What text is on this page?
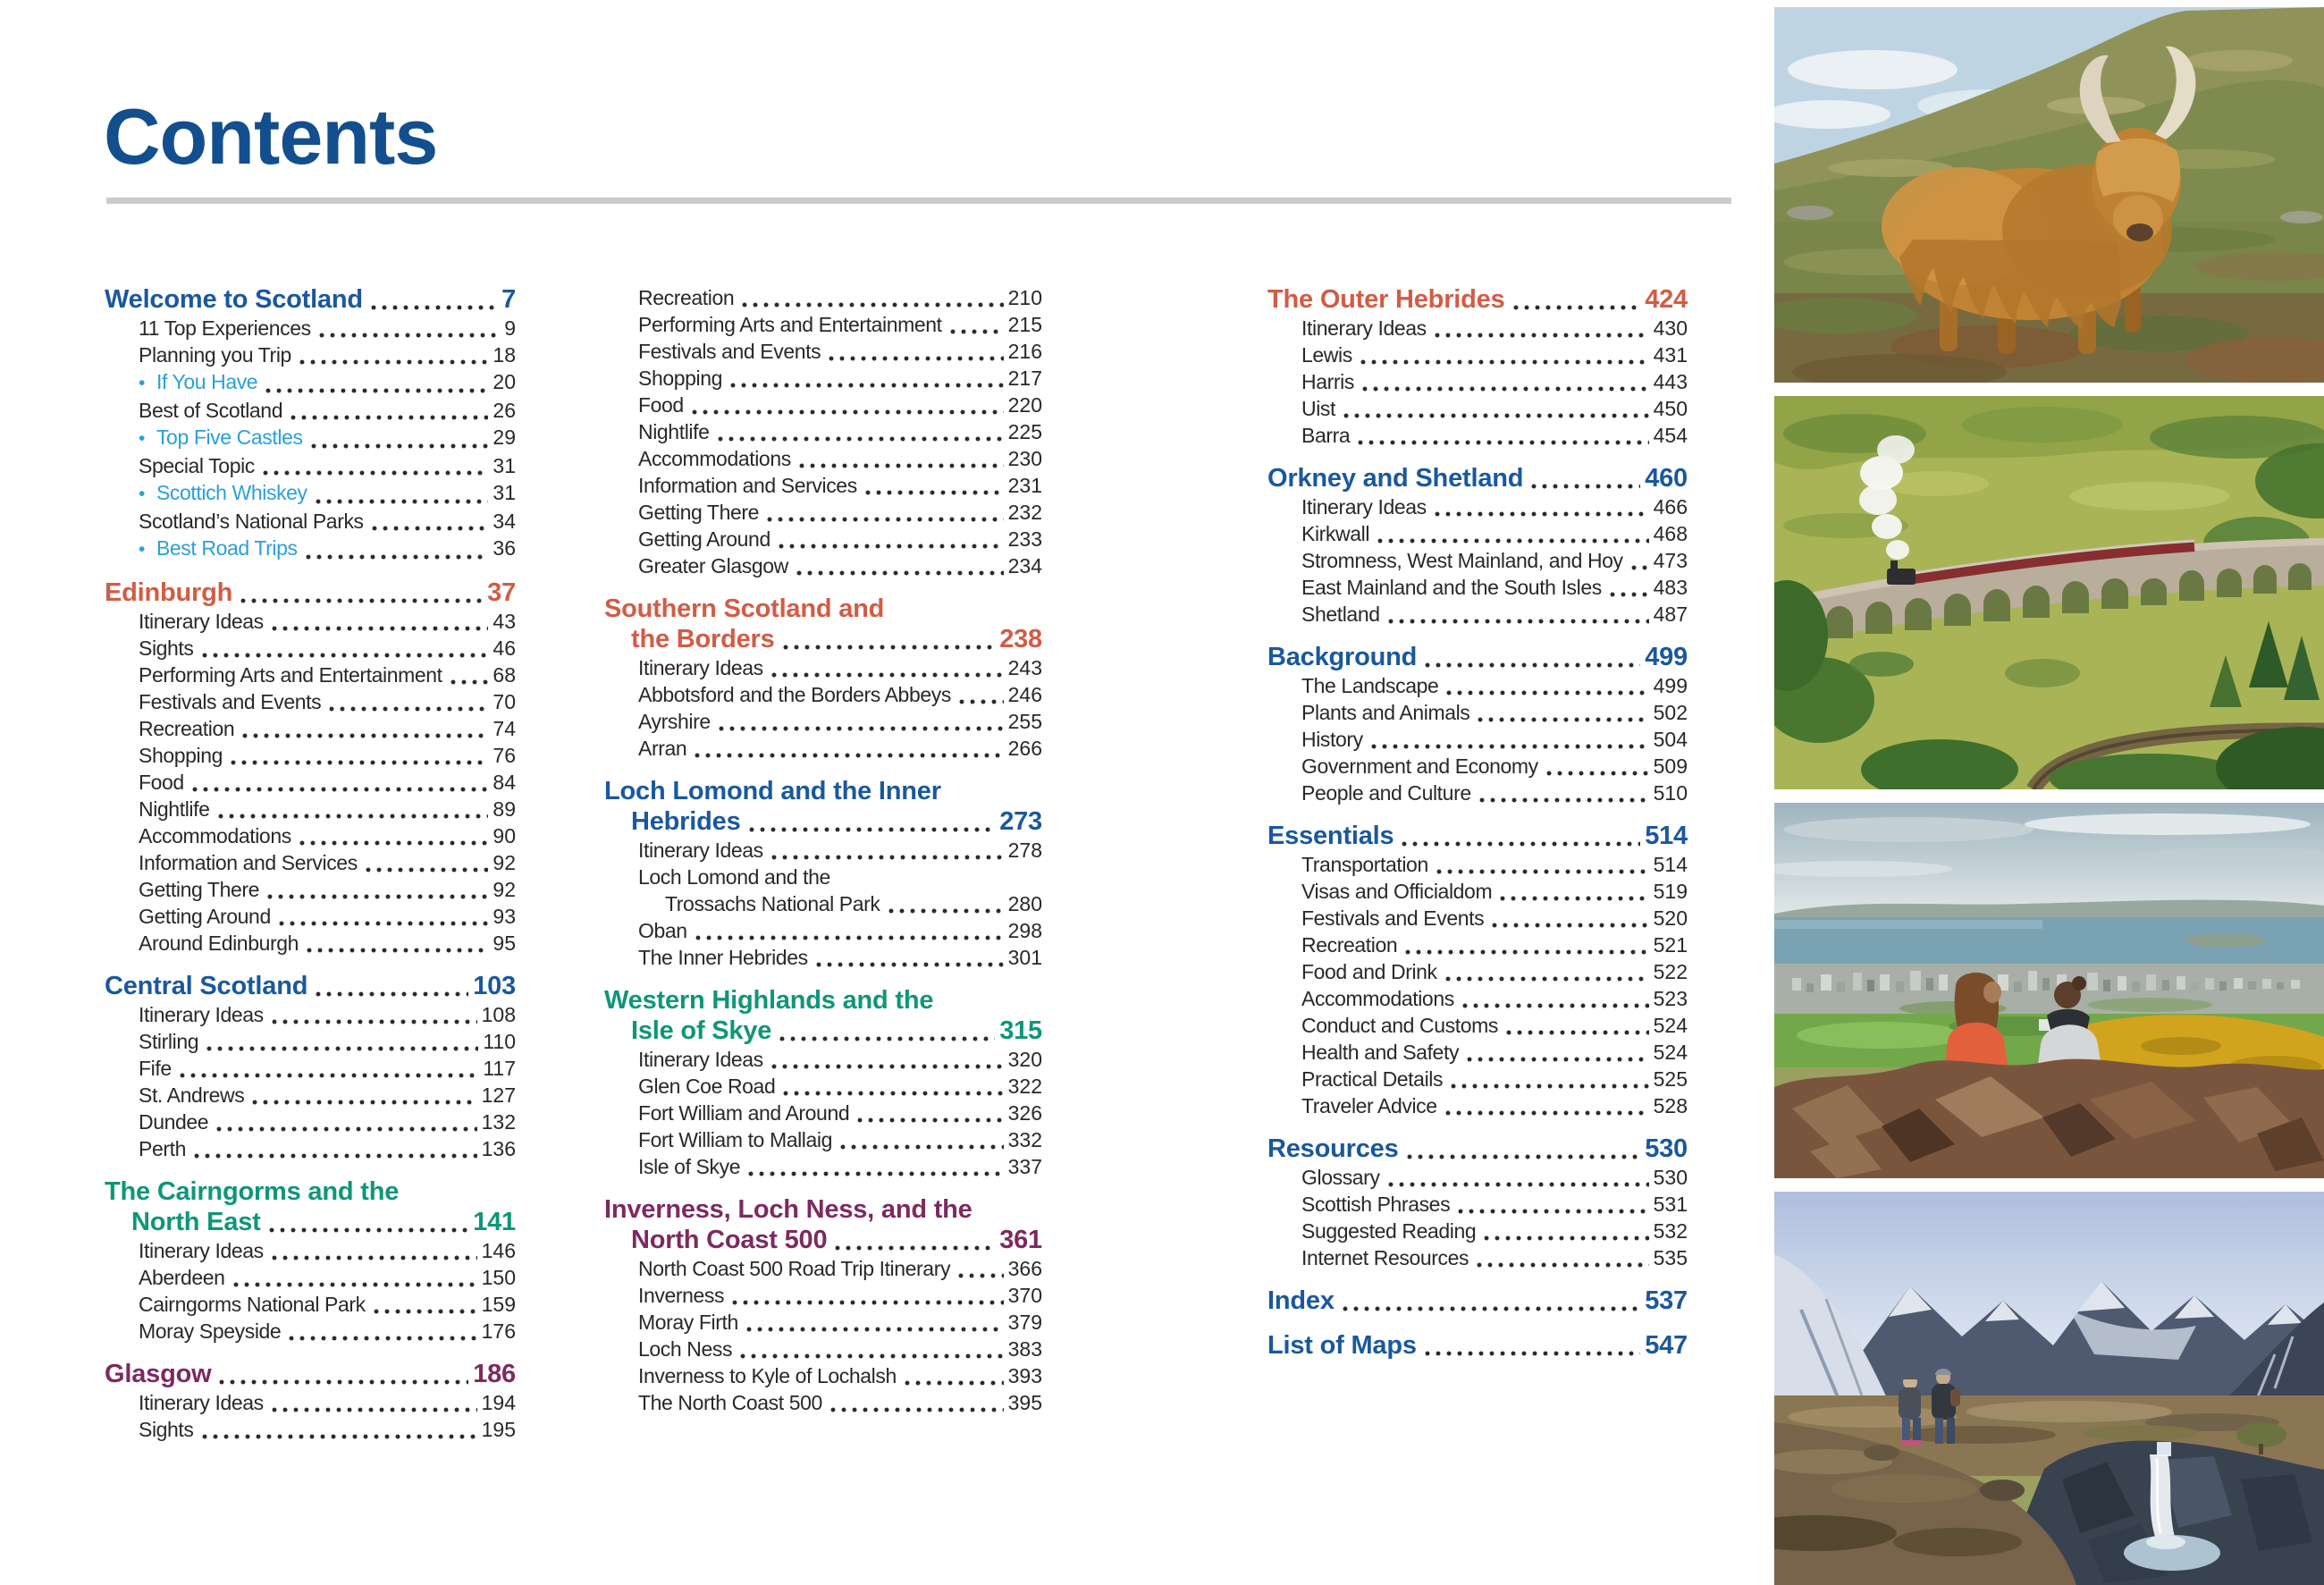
Contents
Welcome to Scotland	7
11 Top Experiences	9
Planning you Trip	18
• If You Have	20
Best of Scotland	26
• Top Five Castles	29
Special Topic	31
• Scottich Whiskey	31
Scotland’s National Parks	34
• Best Road Trips	36
Edinburgh	37
Itinerary Ideas	43
Sights	46
Performing Arts and Entertainment 68
Festivals and Events	70
Recreation	74
Shopping	76
Food	84
Nightlife	89
Accommodations	90
Information and Services	92
Getting There	92
Getting Around	93
Around Edinburgh	95
Central Scotland	103
Itinerary Ideas	108
Stirling	110
Fife	117
St. Andrews	127
Dundee	132
Perth	136
The Cairngorms and the
North East	141
Itinerary Ideas	146
Aberdeen	150
Cairngorms National Park	159
Moray Speyside	176
Glasgow	186
Itinerary Ideas	194
Sights	195
Recreation	210
Performing Arts and Entertainment	215
Festivals and Events	216
Shopping	217
Food	220
Nightlife	225
Accommodations	230
Information and Services	231
Getting There	232
Getting Around	233
Greater Glasgow	234
Southern Scotland and
the Borders	238
Itinerary Ideas	243
Abbotsford and the Borders Abbeys	246
Ayrshire	255
Arran	266
Loch Lomond and the Inner
Hebrides	273
Itinerary Ideas	278
Loch Lomond and the
Trossachs National Park	280
Oban	298
The Inner Hebrides	301
Western Highlands and the
Isle of Skye	315
Itinerary Ideas	320
Glen Coe Road	322
Fort William and Around	326
Fort William to Mallaig	332
Isle of Skye	337
Inverness, Loch Ness, and the
North Coast 500	361
North Coast 500 Road Trip Itinerary	366
Inverness	370
Moray Firth	379
Loch Ness	383
Inverness to Kyle of Lochalsh	393
The North Coast 500	395
The Outer Hebrides	424
Itinerary Ideas	430
Lewis	431
Harris	443
Uist	450
Barra	454
Orkney and Shetland	460
Itinerary Ideas	466
Kirkwall	468
Stromness, West Mainland, and Hoy 473
East Mainland and the South Isles	483
Shetland	487
Background	499
The Landscape	499
Plants and Animals	502
History	504
Government and Economy	509
People and Culture	510
Essentials	514
Transportation	514
Visas and Officialdom	519
Festivals and Events	520
Recreation	521
Food and Drink	522
Accommodations	523
Conduct and Customs	524
Health and Safety	524
Practical Details	525
Traveler Advice	528
Resources	530
Glossary	530
Scottish Phrases	531
Suggested Reading	532
Internet Resources	535
Index	537
List of Maps	547
